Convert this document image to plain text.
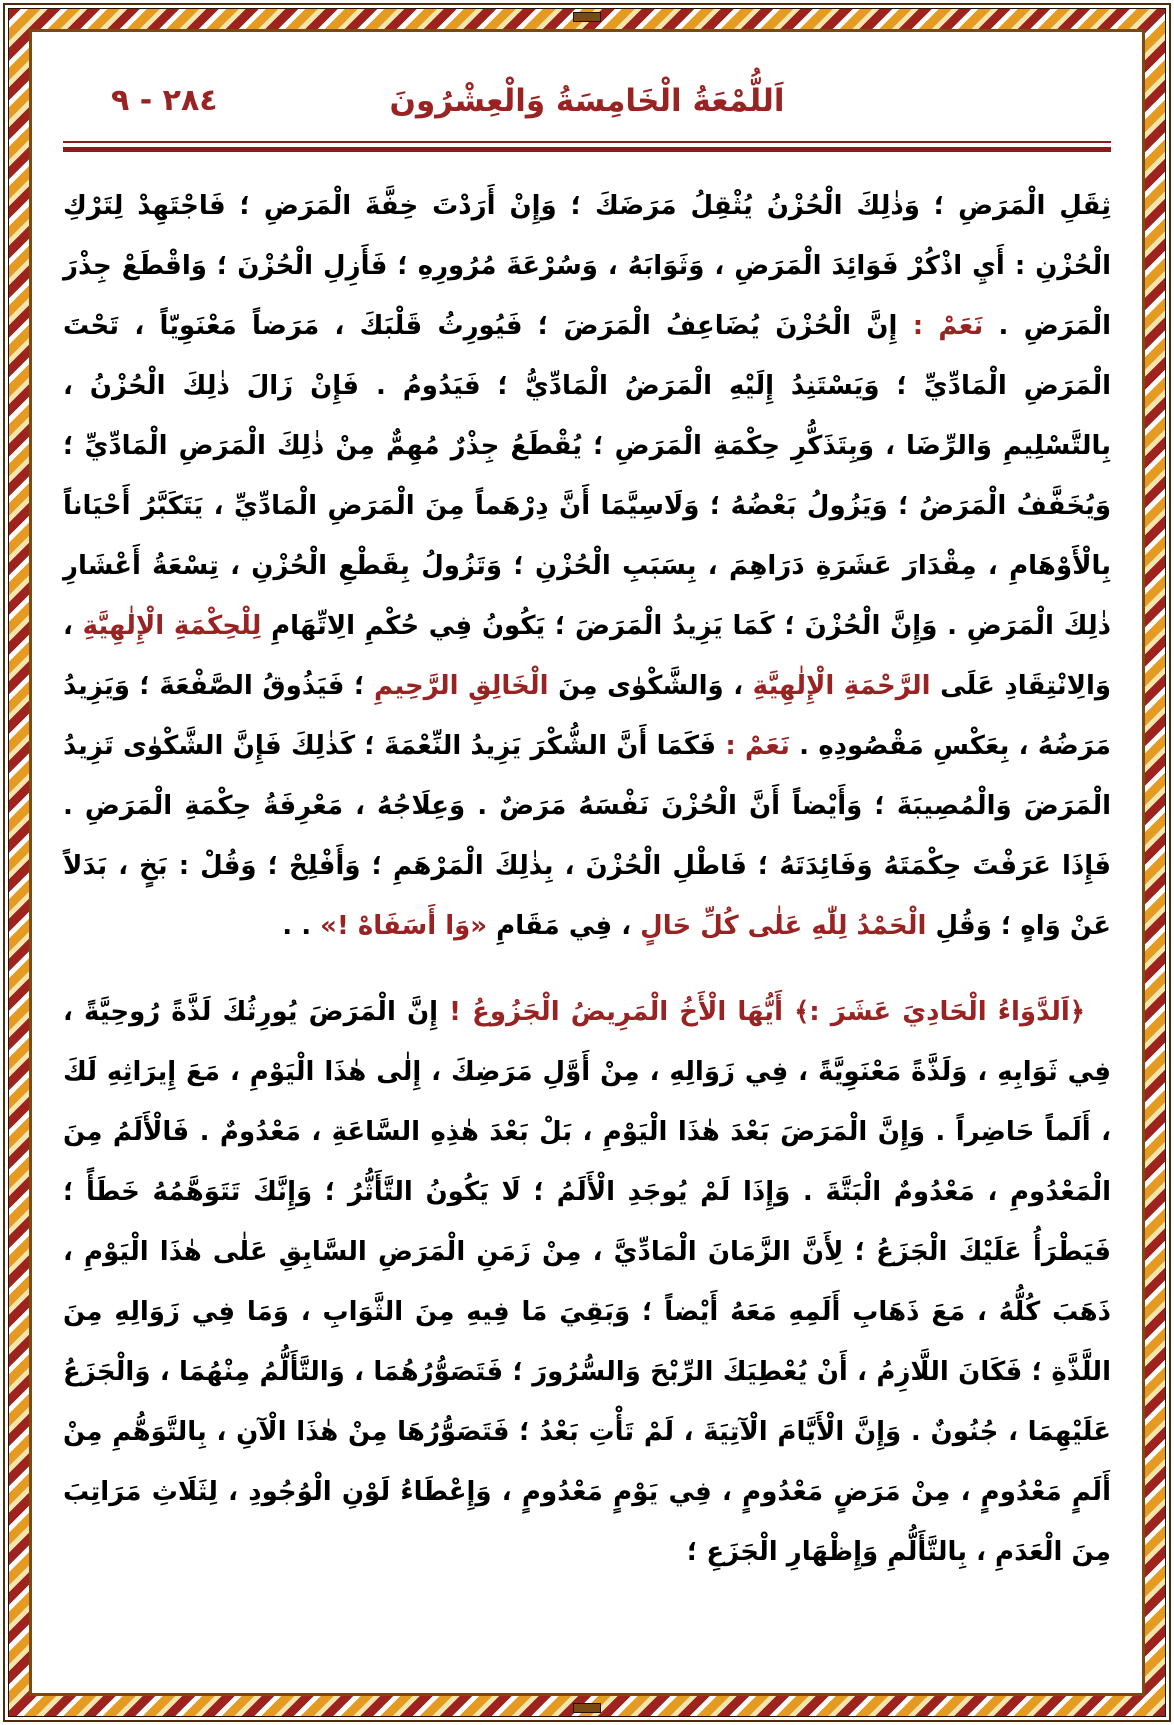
اَللُّمْعَةُ الْخَامِسَةُ وَالْعِشْرُونَ
٢٨٤ - ٩

ثِقَلِ الْمَرَضِ ؛ وَذٰلِكَ الْحُزْنُ يُثْقِلُ مَرَضَكَ ؛ وَإِنْ أَرَدْتَ خِفَّةَ الْمَرَضِ ؛ فَاجْتَهِدْ لِتَرْكِ الْحُزْنِ : أَيِ اذْكُرْ فَوَائِدَ الْمَرَضِ ، وَثَوَابَهُ ، وَسُرْعَةَ مُرُورِهِ ؛ فَأَزِلِ الْحُزْنَ ؛ وَاقْطَعْ جِذْرَ الْمَرَضِ . نَعَمْ : إِنَّ الْحُزْنَ يُضَاعِفُ الْمَرَضَ ؛ فَيُورِثُ قَلْبَكَ ، مَرَضاً مَعْنَوِيّاً ، تَحْتَ الْمَرَضِ الْمَادِّيِّ ؛ وَيَسْتَنِدُ إِلَيْهِ الْمَرَضُ الْمَادِّيُّ ؛ فَيَدُومُ . فَإِنْ زَالَ ذٰلِكَ الْحُزْنُ ، بِالتَّسْلِيمِ وَالرِّضَا ، وَبِتَذَكُّرِ حِكْمَةِ الْمَرَضِ ؛ يُقْطَعُ جِذْرٌ مُهِمٌّ مِنْ ذٰلِكَ الْمَرَضِ الْمَادِّيِّ ؛ وَيُخَفَّفُ الْمَرَضُ ؛ وَيَزُولُ بَعْضُهُ ؛ وَلَاسِيَّمَا أَنَّ دِرْهَماً مِنَ الْمَرَضِ الْمَادِّيِّ ، يَتَكَبَّرُ أَحْيَاناً بِالْأَوْهَامِ ، مِقْدَارَ عَشَرَةِ دَرَاهِمَ ، بِسَبَبِ الْحُزْنِ ؛ وَتَزُولُ بِقَطْعِ الْحُزْنِ ، تِسْعَةُ أَعْشَارِ ذٰلِكَ الْمَرَضِ . وَإِنَّ الْحُزْنَ ؛ كَمَا يَزِيدُ الْمَرَضَ ؛ يَكُونُ فِي حُكْمِ الِاتِّهَامِ لِلْحِكْمَةِ الْإِلٰهِيَّةِ ، وَالِانْتِقَادِ عَلَى الرَّحْمَةِ الْإِلٰهِيَّةِ ، وَالشَّكْوٰى مِنَ الْخَالِقِ الرَّحِيمِ ؛ فَيَذُوقُ الصَّفْعَةَ ؛ وَيَزِيدُ مَرَضُهُ ، بِعَكْسِ مَقْصُودِهِ . نَعَمْ : فَكَمَا أَنَّ الشُّكْرَ يَزِيدُ النِّعْمَةَ ؛ كَذٰلِكَ فَإِنَّ الشَّكْوٰى تَزِيدُ الْمَرَضَ وَالْمُصِيبَةَ ؛ وَأَيْضاً أَنَّ الْحُزْنَ نَفْسَهُ مَرَضٌ . وَعِلَاجُهُ ، مَعْرِفَةُ حِكْمَةِ الْمَرَضِ . فَإِذَا عَرَفْتَ حِكْمَتَهُ وَفَائِدَتَهُ ؛ فَاطْلِ الْحُزْنَ ، بِذٰلِكَ الْمَرْهَمِ ؛ وَأَفْلِحْ ؛ وَقُلْ : بَخٍ ، بَدَلاً عَنْ وَاهٍ ؛ وَقُلِ الْحَمْدُ لِلّٰهِ عَلٰى كُلِّ حَالٍ ، فِي مَقَامِ «وَا أَسَفَاهْ !» . .

﴿اَلدَّوَاءُ الْحَادِيَ عَشَرَ :﴾ أَيُّهَا الْأَخُ الْمَرِيضُ الْجَزُوعُ ! إِنَّ الْمَرَضَ يُورِثُكَ لَذَّةً رُوحِيَّةً ، فِي ثَوَابِهِ ، وَلَذَّةً مَعْنَوِيَّةً ، فِي زَوَالِهِ ، مِنْ أَوَّلِ مَرَضِكَ ، إِلٰى هٰذَا الْيَوْمِ ، مَعَ إِيرَاثِهِ لَكَ ، أَلَماً حَاضِراً . وَإِنَّ الْمَرَضَ بَعْدَ هٰذَا الْيَوْمِ ، بَلْ بَعْدَ هٰذِهِ السَّاعَةِ ، مَعْدُومٌ . فَالْأَلَمُ مِنَ الْمَعْدُومِ ، مَعْدُومٌ الْبَتَّةَ . وَإِذَا لَمْ يُوجَدِ الْأَلَمُ ؛ لَا يَكُونُ التَّأَثُّرُ ؛ وَإِنَّكَ تَتَوَهَّمُهُ خَطَأً ؛ فَيَطْرَأُ عَلَيْكَ الْجَزَعُ ؛ لِأَنَّ الزَّمَانَ الْمَادِّيَّ ، مِنْ زَمَنِ الْمَرَضِ السَّابِقِ عَلٰى هٰذَا الْيَوْمِ ، ذَهَبَ كُلُّهُ ، مَعَ ذَهَابِ أَلَمِهِ مَعَهُ أَيْضاً ؛ وَبَقِيَ مَا فِيهِ مِنَ الثَّوَابِ ، وَمَا فِي زَوَالِهِ مِنَ اللَّذَّةِ ؛ فَكَانَ اللَّازِمُ ، أَنْ يُعْطِيَكَ الرِّبْحَ وَالسُّرُورَ ؛ فَتَصَوُّرُهُمَا ، وَالتَّأَلُّمُ مِنْهُمَا ، وَالْجَزَعُ عَلَيْهِمَا ، جُنُونٌ . وَإِنَّ الْأَيَّامَ الْآتِيَةَ ، لَمْ تَأْتِ بَعْدُ ؛ فَتَصَوُّرُهَا مِنْ هٰذَا الْآنِ ، بِالتَّوَهُّمِ مِنْ أَلَمٍ مَعْدُومٍ ، مِنْ مَرَضٍ مَعْدُومٍ ، فِي يَوْمٍ مَعْدُومٍ ، وَإِعْطَاءُ لَوْنِ الْوُجُودِ ، لِثَلَاثِ مَرَاتِبَ مِنَ الْعَدَمِ ، بِالتَّأَلُّمِ وَإِظْهَارِ الْجَزَعِ ؛
